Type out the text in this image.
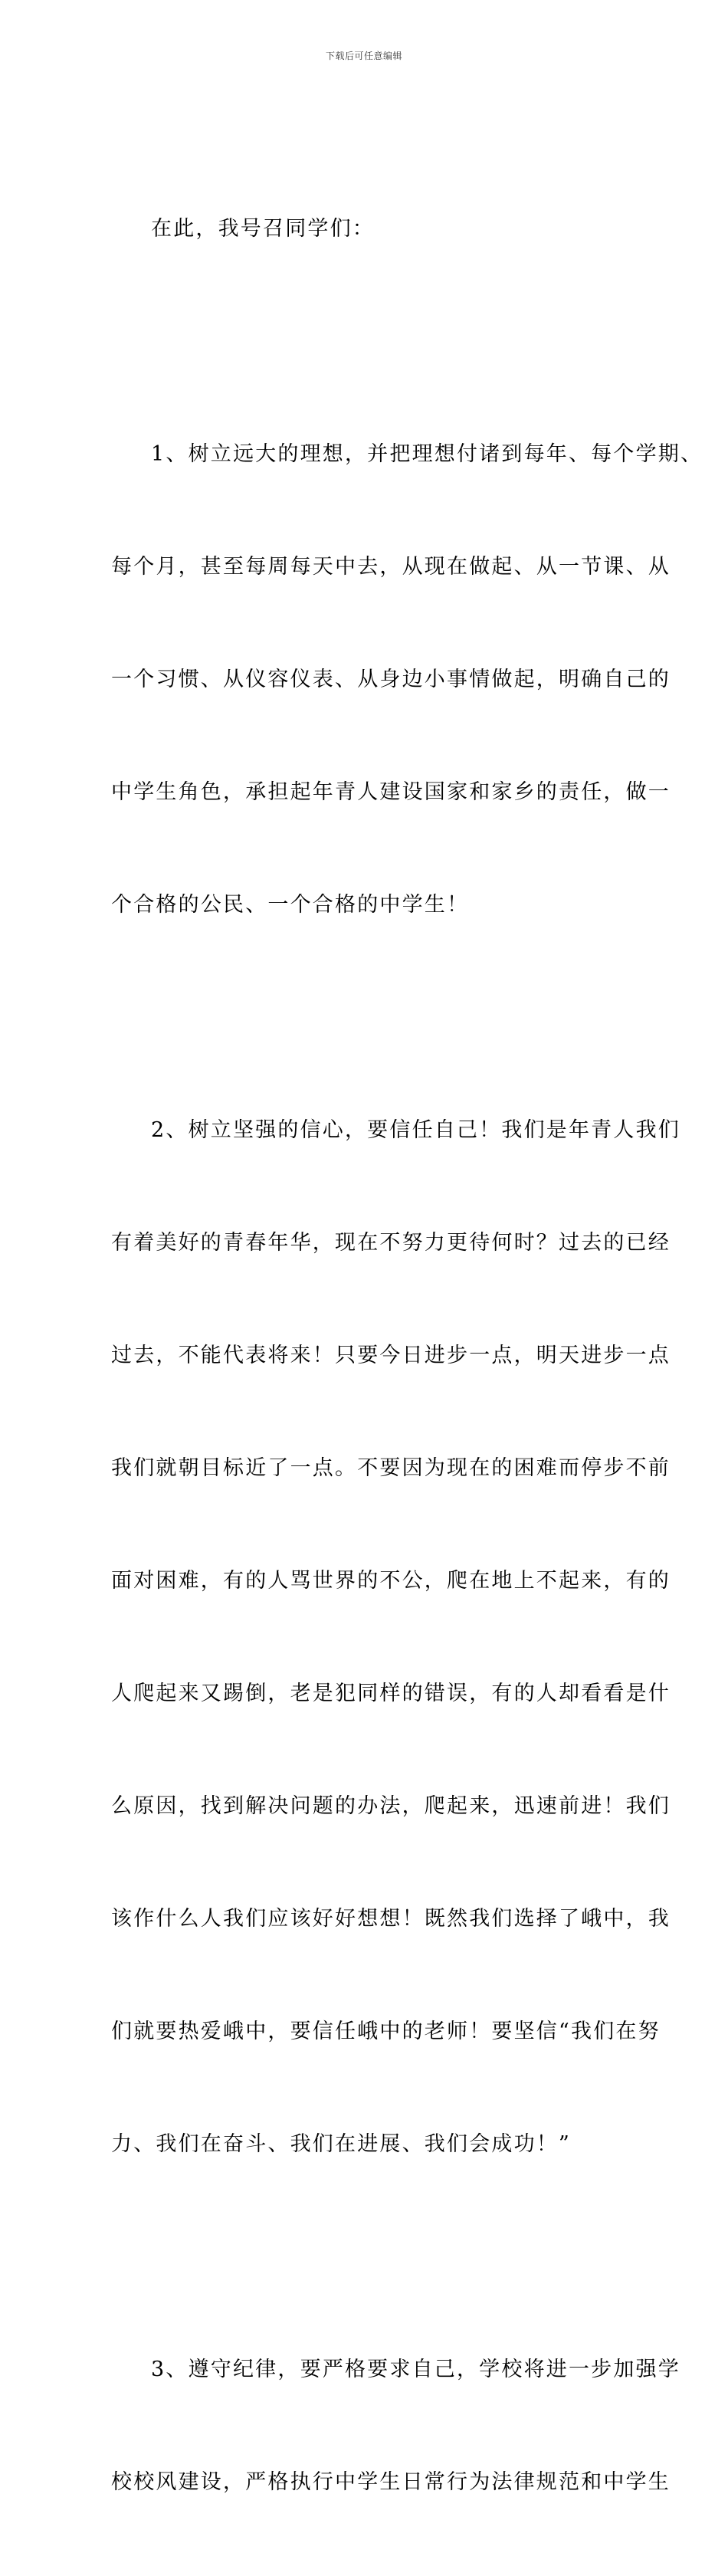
下载后可任意编辑

在此，我号召同学们：

1、树立远大的理想，并把理想付诸到每年、每个学期、

每个月，甚至每周每天中去，从现在做起、从一节课、从

一个习惯、从仪容仪表、从身边小事情做起，明确自己的

中学生角色，承担起年青人建设国家和家乡的责任，做一

个合格的公民、一个合格的中学生！

2、树立坚强的信心，要信任自己！我们是年青人我们

有着美好的青春年华，现在不努力更待何时？过去的已经

过去，不能代表将来！只要今日进步一点，明天进步一点

我们就朝目标近了一点。不要因为现在的困难而停步不前

面对困难，有的人骂世界的不公，爬在地上不起来，有的

人爬起来又踢倒，老是犯同样的错误，有的人却看看是什

么原因，找到解决问题的办法，爬起来，迅速前进！我们

该作什么人我们应该好好想想！既然我们选择了峨中，我

们就要热爱峨中，要信任峨中的老师！要坚信“我们在努

力、我们在奋斗、我们在进展、我们会成功！”

3、遵守纪律，要严格要求自己，学校将进一步加强学

校校风建设，严格执行中学生日常行为法律规范和中学生
